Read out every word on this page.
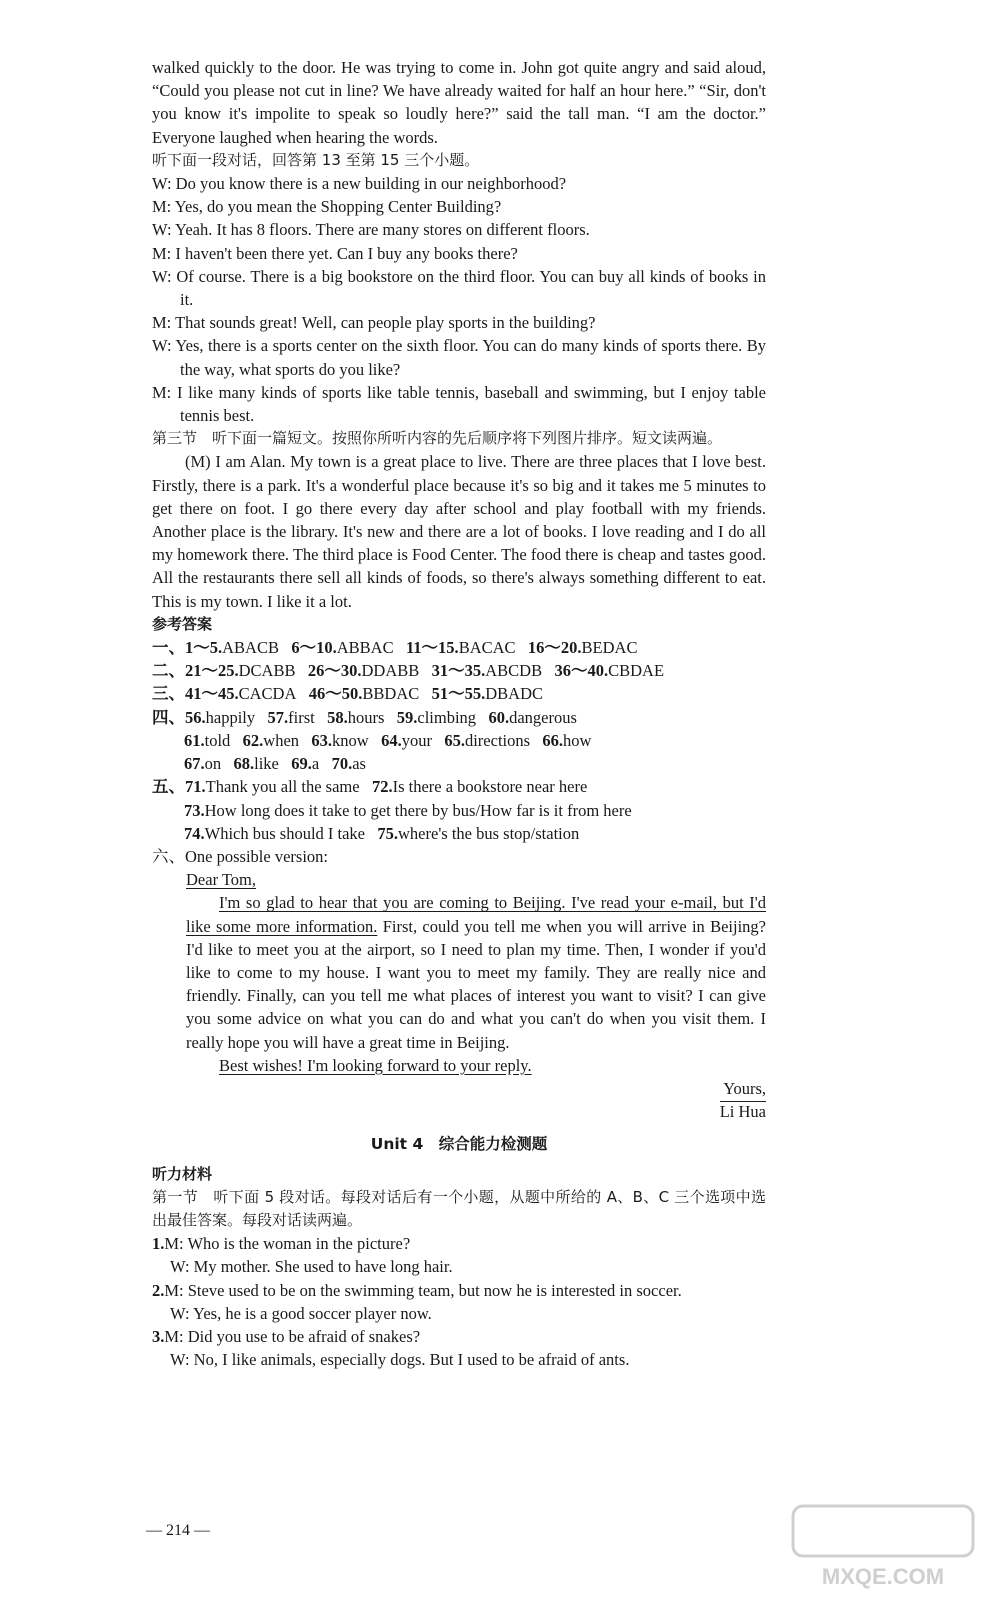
walked quickly to the door. He was trying to come in. John got quite angry and said aloud, “Could you please not cut in line? We have already waited for half an hour here.” “Sir, don't you know it's impolite to speak so loudly here?” said the tall man. “I am the doctor.” Everyone laughed when hearing the words.

听下面一段对话，回答第 13 至第 15 三个小题。

W: Do you know there is a new building in our neighborhood?

M: Yes, do you mean the Shopping Center Building?

W: Yeah. It has 8 floors. There are many stores on different floors.

M: I haven't been there yet. Can I buy any books there?

W: Of course. There is a big bookstore on the third floor. You can buy all kinds of books in it.

M: That sounds great! Well, can people play sports in the building?

W: Yes, there is a sports center on the sixth floor. You can do many kinds of sports there. By the way, what sports do you like?

M: I like many kinds of sports like table tennis, baseball and swimming, but I enjoy table tennis best.

第三节　听下面一篇短文。按照你所听内容的先后顺序将下列图片排序。短文读两遍。

(M) I am Alan. My town is a great place to live. There are three places that I love best. Firstly, there is a park. It's a wonderful place because it's so big and it takes me 5 minutes to get there on foot. I go there every day after school and play football with my friends. Another place is the library. It's new and there are a lot of books. I love reading and I do all my homework there. The third place is Food Center. The food there is cheap and tastes good. All the restaurants there sell all kinds of foods, so there's always something different to eat. This is my town. I like it a lot.

参考答案

一、1～5.ABACB 6～10.ABBAC 11～15.BACAC 16～20.BEDAC

二、21～25.DCABB 26～30.DDABB 31～35.ABCDB 36～40.CBDAE

三、41～45.CACDA 46～50.BBDAC 51～55.DBADC

四、56.happily 57.first 58.hours 59.climbing 60.dangerous

61.told 62.when 63.know 64.your 65.directions 66.how

67.on 68.like 69.a 70.as

五、71.Thank you all the same 72.Is there a bookstore near here

73.How long does it take to get there by bus/How far is it from here

74.Which bus should I take 75.where's the bus stop/station

六、One possible version:

Dear Tom,

I'm so glad to hear that you are coming to Beijing. I've read your e-mail, but I'd like some more information. First, could you tell me when you will arrive in Beijing? I'd like to meet you at the airport, so I need to plan my time. Then, I wonder if you'd like to come to my house. I want you to meet my family. They are really nice and friendly. Finally, can you tell me what places of interest you want to visit? I can give you some advice on what you can do and what you can't do when you visit them. I really hope you will have a great time in Beijing.

Best wishes! I'm looking forward to your reply.

Yours,

Li Hua

Unit 4　综合能力检测题

听力材料

第一节　听下面 5 段对话。每段对话后有一个小题，从题中所给的 A、B、C 三个选项中选出最佳答案。每段对话读两遍。

1.M: Who is the woman in the picture?

W: My mother. She used to have long hair.

2.M: Steve used to be on the swimming team, but now he is interested in soccer.

W: Yes, he is a good soccer player now.

3.M: Did you use to be afraid of snakes?

W: No, I like animals, especially dogs. But I used to be afraid of ants.

— 214 —
MXQE.COM
